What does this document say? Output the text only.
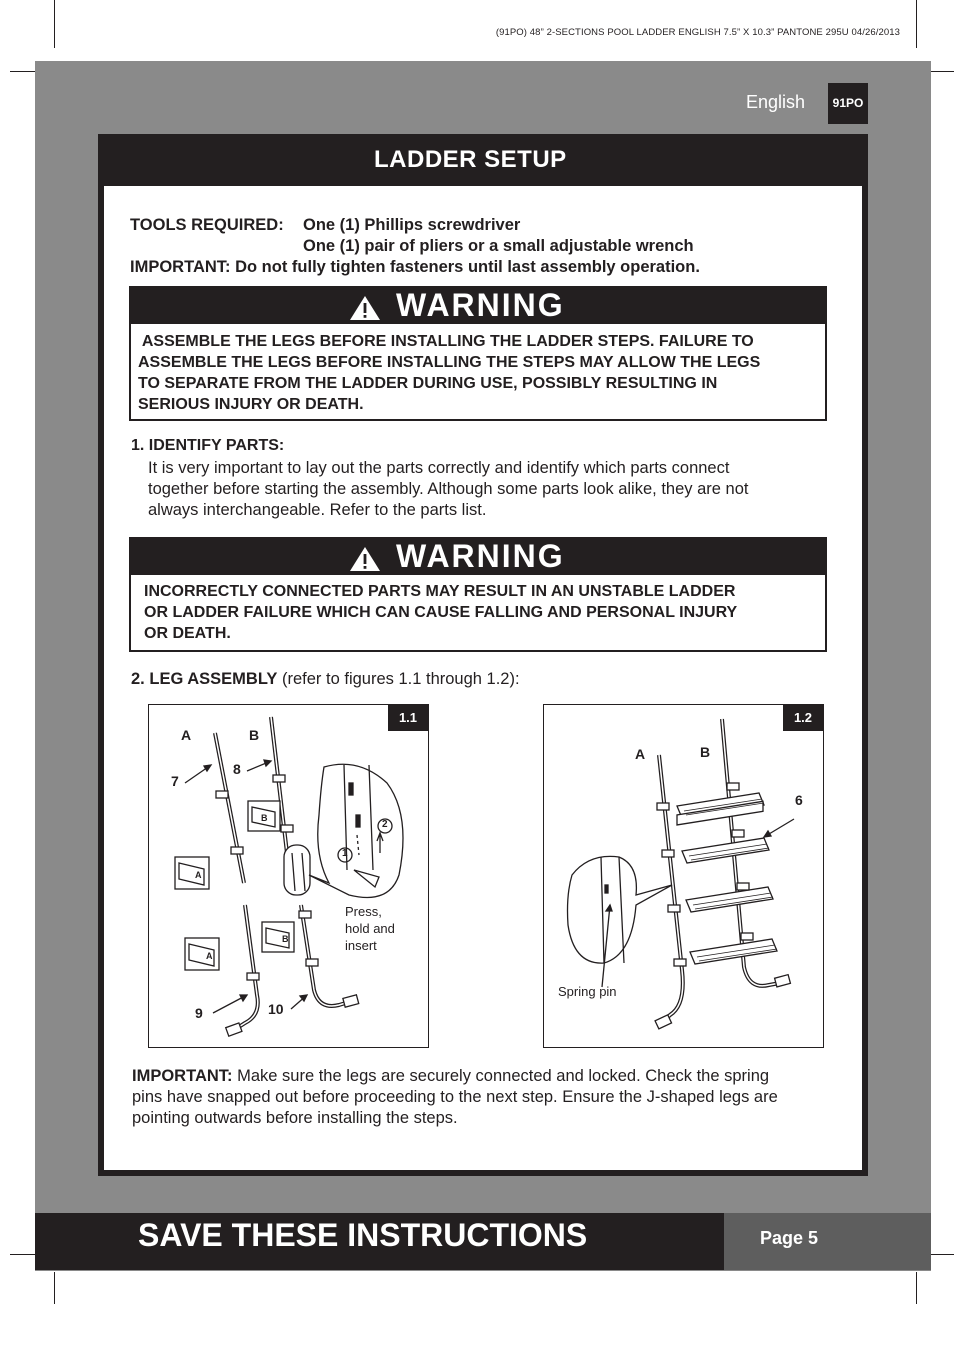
(91PO) 48” 2-SECTIONS POOL LADDER ENGLISH 7.5” X 10.3” PANTONE 295U 04/26/2013
English	91PO
LADDER SETUP
TOOLS REQUIRED: One (1) Phillips screwdriver
One (1) pair of pliers or a small adjustable wrench
IMPORTANT: Do not fully tighten fasteners until last assembly operation.
WARNING
ASSEMBLE THE LEGS BEFORE INSTALLING THE LADDER STEPS. FAILURE TO
ASSEMBLE THE LEGS BEFORE INSTALLING THE STEPS MAY ALLOW THE LEGS
TO SEPARATE FROM THE LADDER DURING USE, POSSIBLY RESULTING IN
SERIOUS INJURY OR DEATH.
1. IDENTIFY PARTS:
It is very important to lay out the parts correctly and identify which parts connect
together before starting the assembly. Although some parts look alike, they are not
always interchangeable. Refer to the parts list.
WARNING
INCORRECTLY CONNECTED PARTS MAY RESULT IN AN UNSTABLE LADDER
OR LADDER FAILURE WHICH CAN CAUSE FALLING AND PERSONAL INJURY
OR DEATH.
2. LEG ASSEMBLY (refer to figures 1.1 through 1.2):
1.1
A	B
7
8
9	10
A
A
B
B
1
2
Press,
hold and
insert
1.2
A	B
6
Spring pin
IMPORTANT: Make sure the legs are securely connected and locked. Check the spring
pins have snapped out before proceeding to the next step. Ensure the J-shaped legs are
pointing outwards before installing the steps.
SAVE THESE INSTRUCTIONS	Page 5
